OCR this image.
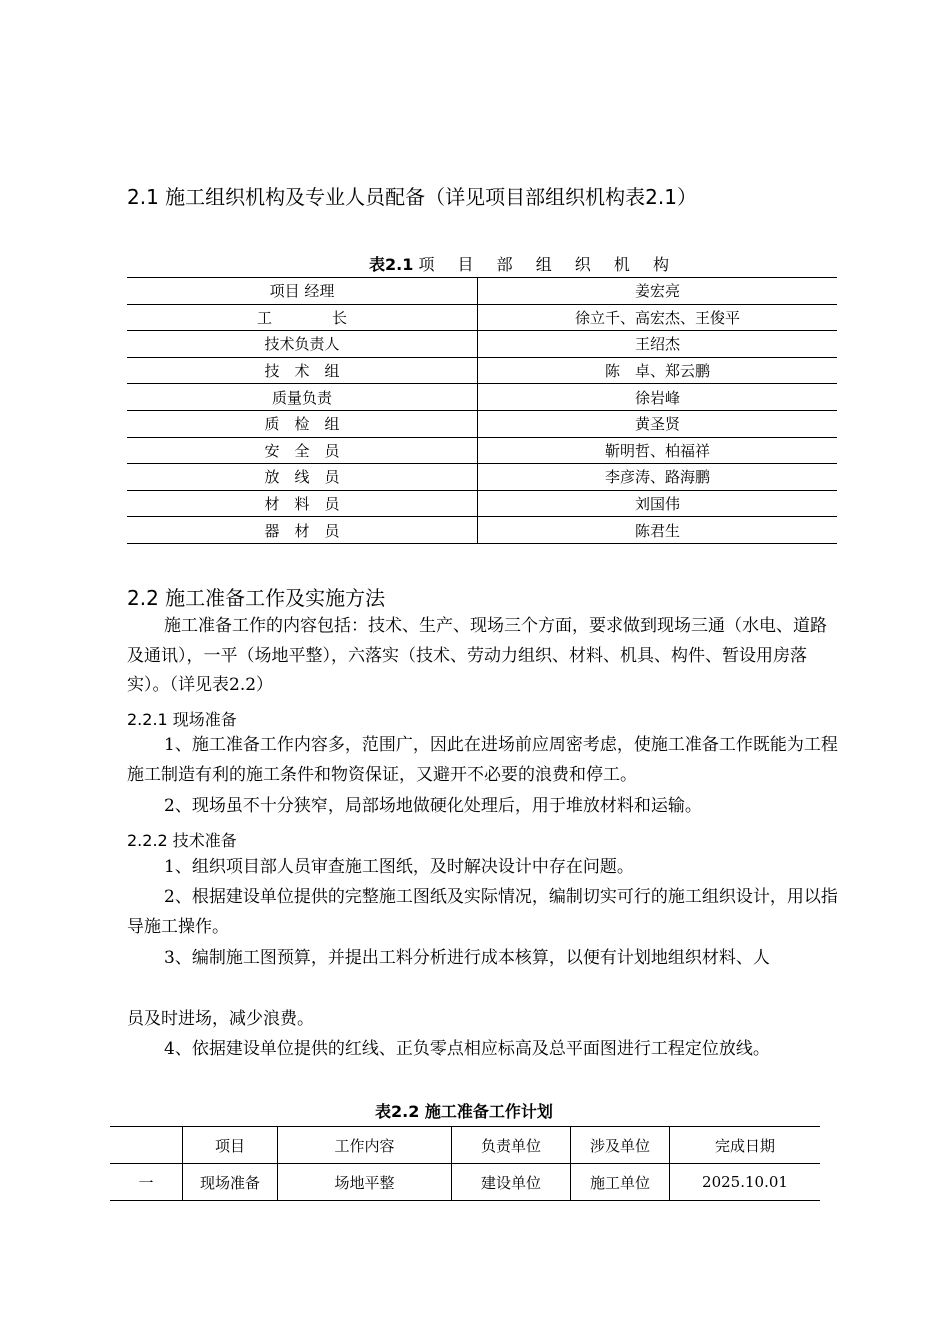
2.1 施工组织机构及专业人员配备（详见项目部组织机构表2.1）
表2.1 项 目 部 组 织 机 构
项目 经理	姜宏亮
工　　　　长	徐立千、高宏杰、王俊平
技术负责人	王绍杰
技　术　组	陈　卓、郑云鹏
质量负责	徐岩峰
质　检　组	黄圣贤
安　全　员	靳明哲、柏福祥
放　线　员	李彦涛、路海鹏
材　料　员	刘国伟
器　材　员	陈君生
2.2 施工准备工作及实施方法
施工准备工作的内容包括：技术、生产、现场三个方面，要求做到现场三通（水电、道路及通讯），一平（场地平整），六落实（技术、劳动力组织、材料、机具、构件、暂设用房落实）。（详见表2.2）
2.2.1 现场准备
1、施工准备工作内容多，范围广，因此在进场前应周密考虑，使施工准备工作既能为工程施工制造有利的施工条件和物资保证，又避开不必要的浪费和停工。
2、现场虽不十分狭窄，局部场地做硬化处理后，用于堆放材料和运输。
2.2.2 技术准备
1、组织项目部人员审查施工图纸，及时解决设计中存在问题。
2、根据建设单位提供的完整施工图纸及实际情况，编制切实可行的施工组织设计，用以指导施工操作。
3、编制施工图预算，并提出工料分析进行成本核算，以便有计划地组织材料、人
员及时进场，减少浪费。
4、依据建设单位提供的红线、正负零点相应标高及总平面图进行工程定位放线。
表2.2 施工准备工作计划
	项目	工作内容	负责单位	涉及单位	完成日期
一	现场准备	场地平整	建设单位	施工单位	2025.10.01
